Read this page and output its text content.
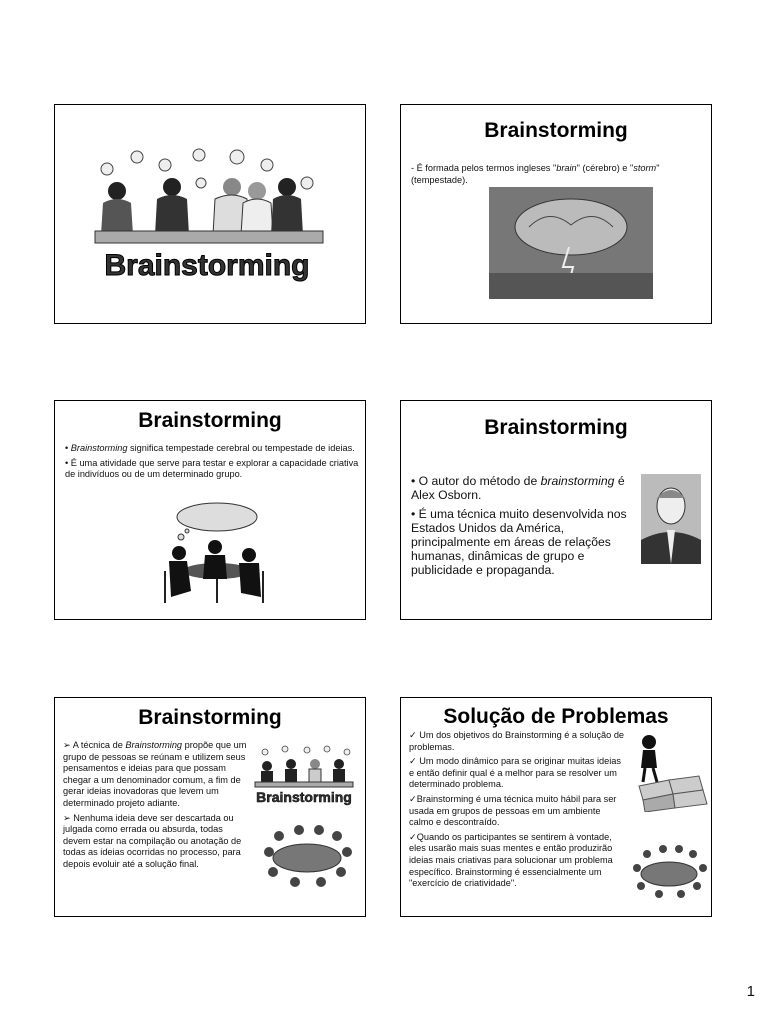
Brainstorming
Brainstorming

- É formada pelos termos ingleses "brain" (cérebro) e "storm"

(tempestade).

Brainstorming

• Brainstorming significa tempestade cerebral ou tempestade de ideias.

• É uma atividade que serve para testar e explorar a capacidade criativa de indivíduos ou de um determinado grupo.

Brainstorming

• O autor do método de brainstorming é Alex Osborn.

• É uma técnica muito desenvolvida nos Estados Unidos da América, principalmente em áreas de relações humanas, dinâmicas de grupo e publicidade e propaganda.

Brainstorming

➢ A técnica de Brainstorming propõe que um grupo de pessoas se reúnam e utilizem seus pensamentos e ideias para que possam chegar a um denominador comum, a fim de gerar ideias inovadoras que levem um determinado projeto adiante.

➢ Nenhuma ideia deve ser descartada ou julgada como errada ou absurda, todas devem estar na compilação ou anotação de todas as ideias ocorridas no processo, para depois evoluir até a solução final.

Brainstorming
Solução de Problemas

✓ Um dos objetivos do Brainstorming é a solução de problemas.

✓ Um modo dinâmico para se originar muitas ideias e então definir qual é a melhor para se resolver um determinado problema.

✓Brainstorming é uma técnica muito hábil para ser usada em grupos de pessoas em um ambiente calmo e descontraído.

✓Quando os participantes se sentirem à vontade, eles usarão mais suas mentes e então produzirão ideias mais criativas para solucionar um problema específico. Brainstorming é essencialmente um "exercício de criatividade".

1
